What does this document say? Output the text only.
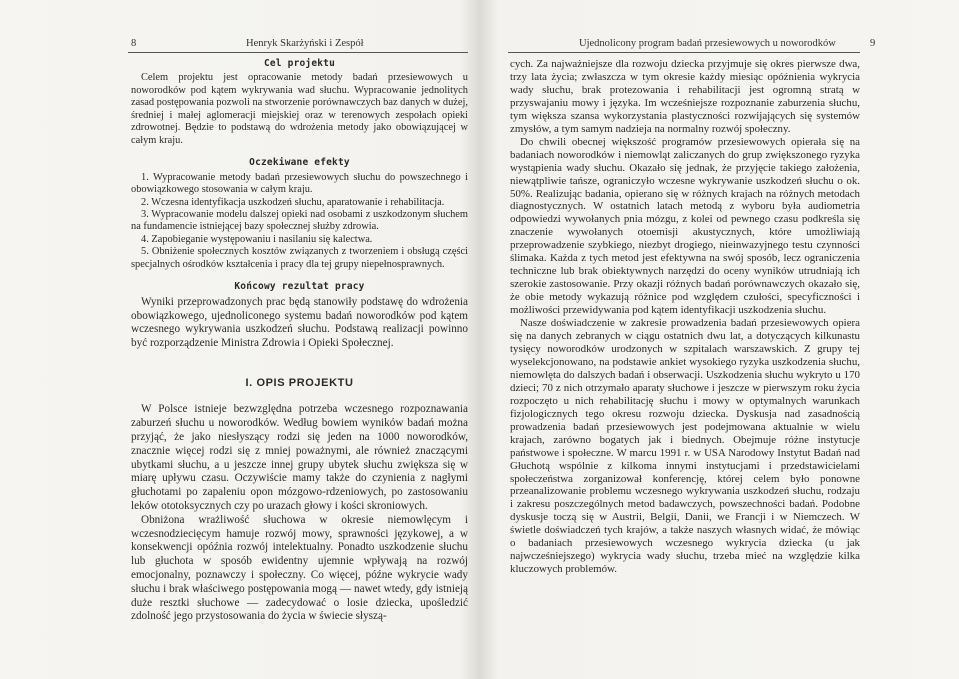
8	Henryk Skarżyński i Zespół
Cel projektu

Celem projektu jest opracowanie metody badań przesiewowych u noworodków pod kątem wykrywania wad słuchu. Wypracowanie jednolitych zasad postępowania pozwoli na stworzenie porównawczych baz danych w dużej, średniej i małej aglomeracji miejskiej oraz w terenowych zespołach opieki zdrowotnej. Będzie to podstawą do wdrożenia metody jako obowiązującej w całym kraju.

Oczekiwane efekty

1. Wypracowanie metody badań przesiewowych słuchu do powszechnego i obowiązkowego stosowania w całym kraju.

2. Wczesna identyfikacja uszkodzeń słuchu, aparatowanie i rehabilitacja.

3. Wypracowanie modelu dalszej opieki nad osobami z uszkodzonym słuchem na fundamencie istniejącej bazy społecznej służby zdrowia.

4. Zapobieganie występowaniu i nasilaniu się kalectwa.

5. Obniżenie społecznych kosztów związanych z tworzeniem i obsługą części specjalnych ośrodków kształcenia i pracy dla tej grupy niepełnosprawnych.

Końcowy rezultat pracy

Wyniki przeprowadzonych prac będą stanowiły podstawę do wdrożenia obowiązkowego, ujednoliconego systemu badań noworodków pod kątem wczesnego wykrywania uszkodzeń słuchu. Podstawą realizacji powinno być rozporządzenie Ministra Zdrowia i Opieki Społecznej.

I. OPIS PROJEKTU

W Polsce istnieje bezwzględna potrzeba wczesnego rozpoznawania zaburzeń słuchu u noworodków. Według bowiem wyników badań można przyjąć, że jako niesłyszący rodzi się jeden na 1000 noworodków, znacznie więcej rodzi się z mniej poważnymi, ale również znaczącymi ubytkami słuchu, a u jeszcze innej grupy ubytek słuchu zwiększa się w miarę upływu czasu. Oczywiście mamy także do czynienia z nagłymi głuchotami po zapaleniu opon mózgowo-rdzeniowych, po zastosowaniu leków ototoksycznych czy po urazach głowy i kości skroniowych.

Obniżona wrażliwość słuchowa w okresie niemowlęcym i wczesnodziecięcym hamuje rozwój mowy, sprawności językowej, a w konsekwencji opóźnia rozwój intelektualny. Ponadto uszkodzenie słuchu lub głuchota w sposób ewidentny ujemnie wpływają na rozwój emocjonalny, poznawczy i społeczny. Co więcej, późne wykrycie wady słuchu i brak właściwego postępowania mogą — nawet wtedy, gdy istnieją duże resztki słuchowe — zadecydować o losie dziecka, upośledzić zdolność jego przystosowania do życia w świecie słyszą-

Ujednolicony program badań przesiewowych u noworodków	9

cych. Za najważniejsze dla rozwoju dziecka przyjmuje się okres pierwsze dwa, trzy lata życia; zwłaszcza w tym okresie każdy miesiąc opóźnienia wykrycia wady słuchu, brak protezowania i rehabilitacji jest ogromną stratą w przyswajaniu mowy i języka. Im wcześniejsze rozpoznanie zaburzenia słuchu, tym większa szansa wykorzystania plastyczności rozwijających się systemów zmysłów, a tym samym nadzieja na normalny rozwój społeczny.

Do chwili obecnej większość programów przesiewowych opierała się na badaniach noworodków i niemowląt zaliczanych do grup zwiększonego ryzyka wystąpienia wady słuchu. Okazało się jednak, że przyjęcie takiego założenia, niewątpliwie tańsze, ograniczyło wczesne wykrywanie uszkodzeń słuchu o ok. 50%. Realizując badania, opierano się w różnych krajach na różnych metodach diagnostycznych. W ostatnich latach metodą z wyboru była audiometria odpowiedzi wywołanych pnia mózgu, z kolei od pewnego czasu podkreśla się znaczenie wywołanych otoemisji akustycznych, które umożliwiają przeprowadzenie szybkiego, niezbyt drogiego, nieinwazyjnego testu czynności ślimaka. Każda z tych metod jest efektywna na swój sposób, lecz ograniczenia techniczne lub brak obiektywnych narzędzi do oceny wyników utrudniają ich szerokie zastosowanie. Przy okazji różnych badań porównawczych okazało się, że obie metody wykazują różnice pod względem czułości, specyficzności i możliwości przewidywania pod kątem identyfikacji uszkodzenia słuchu.

Nasze doświadczenie w zakresie prowadzenia badań przesiewowych opiera się na danych zebranych w ciągu ostatnich dwu lat, a dotyczących kilkunastu tysięcy noworodków urodzonych w szpitalach warszawskich. Z grupy tej wyselekcjonowano, na podstawie ankiet wysokiego ryzyka uszkodzenia słuchu, niemowlęta do dalszych badań i obserwacji. Uszkodzenia słuchu wykryto u 170 dzieci; 70 z nich otrzymało aparaty słuchowe i jeszcze w pierwszym roku życia rozpoczęto u nich rehabilitację słuchu i mowy w optymalnych warunkach fizjologicznych tego okresu rozwoju dziecka. Dyskusja nad zasadnością prowadzenia badań przesiewowych jest podejmowana aktualnie w wielu krajach, zarówno bogatych jak i biednych. Obejmuje różne instytucje państwowe i społeczne. W marcu 1991 r. w USA Narodowy Instytut Badań nad Głuchotą wspólnie z kilkoma innymi instytucjami i przedstawicielami społeczeństwa zorganizował konferencję, której celem było ponowne przeanalizowanie problemu wczesnego wykrywania uszkodzeń słuchu, rodzaju i zakresu poszczególnych metod badawczych, powszechności badań. Podobne dyskusje toczą się w Austrii, Belgii, Danii, we Francji i w Niemczech. W świetle doświadczeń tych krajów, a także naszych własnych widać, że mówiąc o badaniach przesiewowych wczesnego wykrycia dziecka (u jak najwcześniejszego) wykrycia wady słuchu, trzeba mieć na względzie kilka kluczowych problemów.
